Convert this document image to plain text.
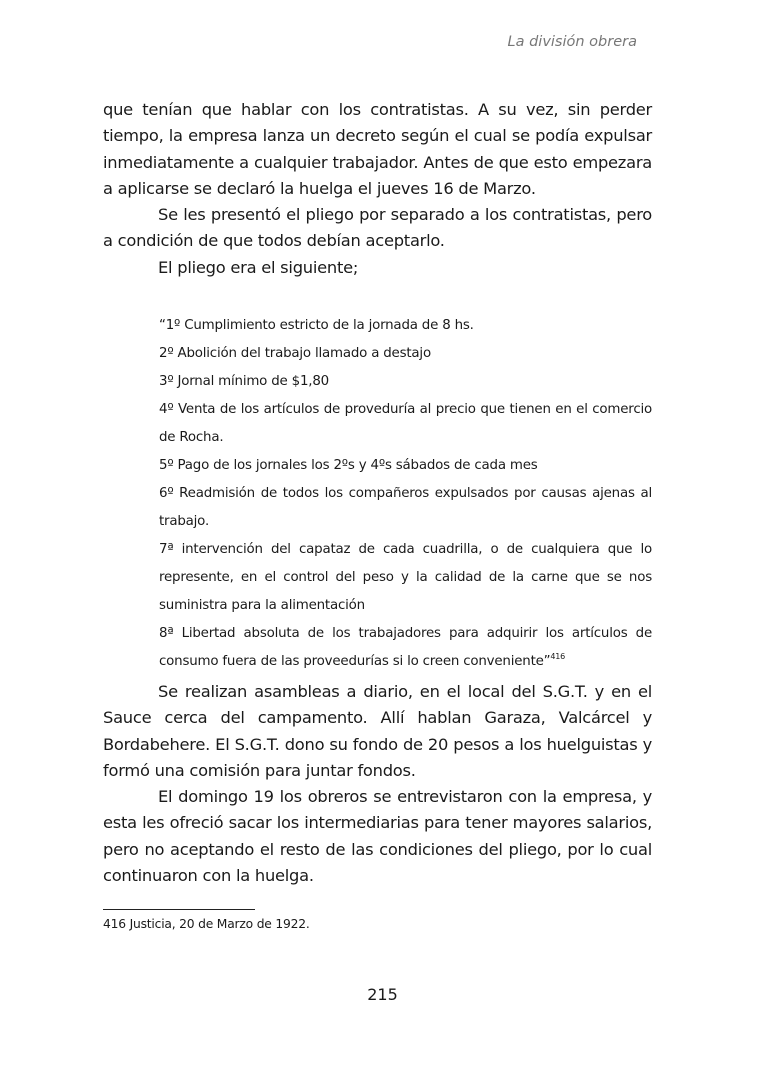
La división obrera

que tenían que hablar con los contratistas. A su vez, sin perder tiempo, la empresa lanza un decreto según el cual se podía expulsar inmediatamente a cualquier trabajador. Antes de que esto empezara a aplicarse se declaró la huelga el jueves 16 de Marzo.

Se les presentó el pliego por separado a los contratistas, pero a condición de que todos debían aceptarlo.

El pliego era el siguiente;

“1º Cumplimiento estricto de la jornada de 8 hs.
2º Abolición del trabajo llamado a destajo
3º Jornal mínimo de $1,80
4º Venta de los artículos de proveduría al precio que tienen en el comercio de Rocha.
5º Pago de los jornales los 2ºs y 4ºs sábados de cada mes
6º Readmisión de todos los compañeros expulsados por causas ajenas al trabajo.
7ª intervención del capataz de cada cuadrilla, o de cualquiera que lo represente, en el control del peso y la calidad de la carne que se nos suministra para la alimentación
8ª Libertad absoluta de los trabajadores para adquirir los artículos de consumo fuera de las proveedurías si lo creen conveniente”$^{416}$

Se realizan asambleas a diario, en el local del S.G.T. y en el Sauce cerca del campamento. Allí hablan Garaza, Valcárcel y Bordabehere. El S.G.T. dono su fondo de 20 pesos a los huelguistas y formó una comisión para juntar fondos.

El domingo 19 los obreros se entrevistaron con la empresa, y esta les ofreció sacar los intermediarias para tener mayores salarios, pero no aceptando el resto de las condiciones del pliego, por lo cual continuaron con la huelga.

416 Justicia, 20 de Marzo de 1922.
215
